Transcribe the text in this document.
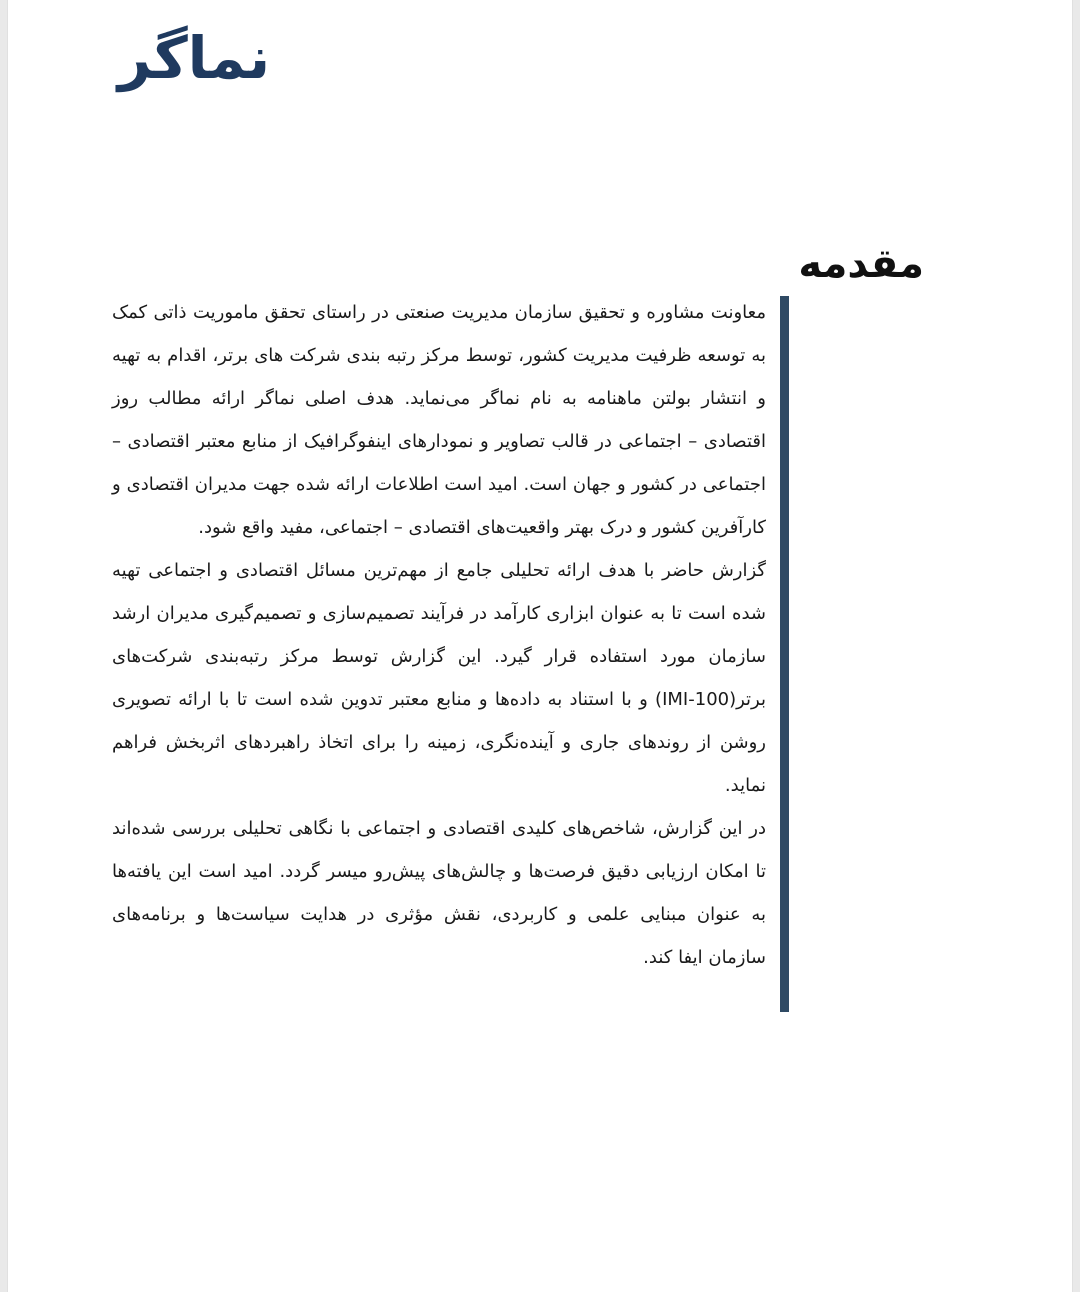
نماگر
مقدمه

معاونت مشاوره و تحقیق سازمان مدیریت صنعتی در راستای تحقق ماموریت ذاتی کمک به توسعه ظرفیت مدیریت کشور، توسط مرکز رتبه بندی شرکت های برتر، اقدام به تهیه و انتشار بولتن ماهنامه به نام نماگر می‌نماید. هدف اصلی نماگر ارائه مطالب روز اقتصادی – اجتماعی در قالب تصاویر و نمودارهای اینفوگرافیک از منابع معتبر اقتصادی – اجتماعی در کشور و جهان است. امید است اطلاعات ارائه شده جهت مدیران اقتصادی و کارآفرین کشور و درک بهتر واقعیت‌های اقتصادی – اجتماعی، مفید واقع شود.

گزارش حاضر با هدف ارائه تحلیلی جامع از مهم‌ترین مسائل اقتصادی و اجتماعی تهیه شده است تا به عنوان ابزاری کارآمد در فرآیند تصمیم‌سازی و تصمیم‌گیری مدیران ارشد سازمان مورد استفاده قرار گیرد. این گزارش توسط مرکز رتبه‌بندی شرکت‌های برتر(IMI-100) و با استناد به داده‌ها و منابع معتبر تدوین شده است تا با ارائه تصویری روشن از روندهای جاری و آینده‌نگری، زمینه را برای اتخاذ راهبردهای اثربخش فراهم نماید.

در این گزارش، شاخص‌های کلیدی اقتصادی و اجتماعی با نگاهی تحلیلی بررسی شده‌اند تا امکان ارزیابی دقیق فرصت‌ها و چالش‌های پیش‌رو میسر گردد. امید است این یافته‌ها به عنوان مبنایی علمی و کاربردی، نقش مؤثری در هدایت سیاست‌ها و برنامه‌های سازمان ایفا کند.
